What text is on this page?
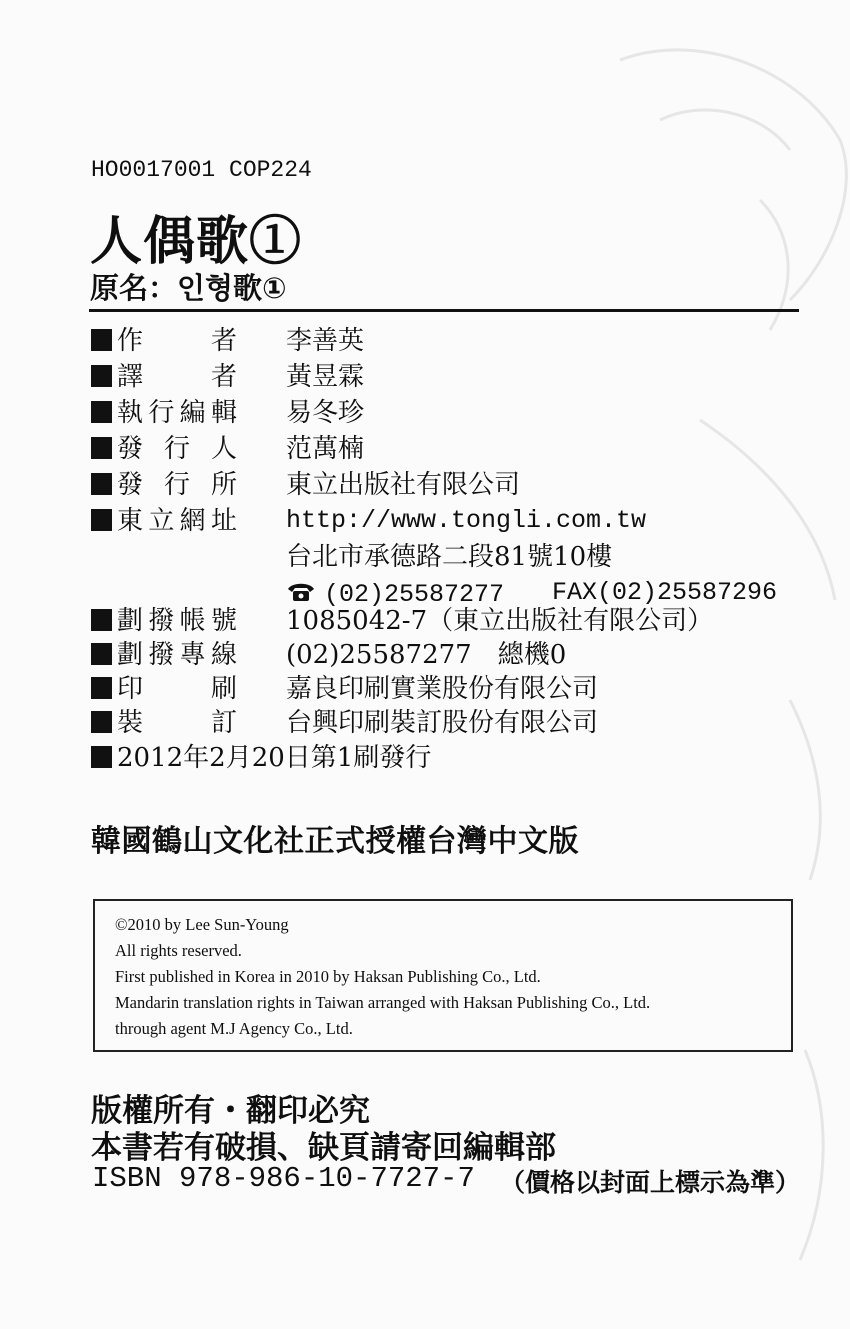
HO0017001 COP224
人偶歌①
原名：인형歌①
作者 李善英
譯者 黃昱霖
執行編輯 易冬珍
發行人 范萬楠
發行所 東立出版社有限公司
東立網址 http://www.tongli.com.tw
台北市承德路二段81號10樓
(02)25587277 FAX(02)25587296
劃撥帳號 1085042-7（東立出版社有限公司）
劃撥專線 (02)25587277　總機0
印刷 嘉良印刷實業股份有限公司
裝訂 台興印刷裝訂股份有限公司
2012年2月20日第1刷發行
韓國鶴山文化社正式授權台灣中文版
©2010 by Lee Sun-Young
All rights reserved.
First published in Korea in 2010 by Haksan Publishing Co., Ltd.
Mandarin translation rights in Taiwan arranged with Haksan Publishing Co., Ltd.
through agent M.J Agency Co., Ltd.
版權所有・翻印必究
本書若有破損、缺頁請寄回編輯部
ISBN 978-986-10-7727-7 （價格以封面上標示為準）
